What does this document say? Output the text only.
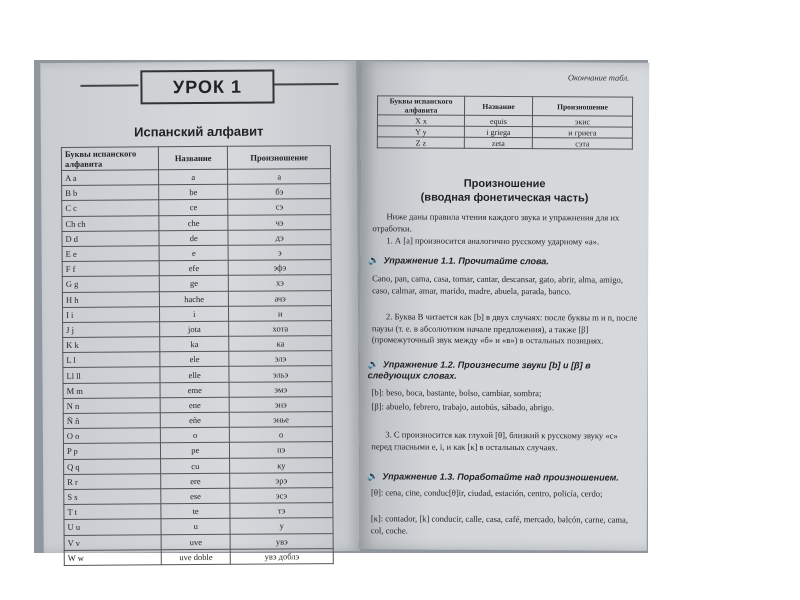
УРОК 1
Испанский алфавит
Буквы испанского алфавита	Название	Произношение
A a	a	а
B b	be	бэ
C c	ce	сэ
Ch ch	che	чэ
D d	de	дэ
E e	e	э
F f	efe	эфэ
G g	ge	хэ
H h	hache	ачэ
I i	i	и
J j	jota	хота
K k	ka	ка
L l	ele	элэ
Ll ll	elle	эльэ
M m	eme	эмэ
N n	ene	энэ
Ñ ñ	eñe	энье
O o	o	о
P p	pe	пэ
Q q	cu	ку
R r	ere	эрэ
S s	ese	эсэ
T t	te	тэ
U u	u	у
V v	uve	увэ
W w	uve doble	увэ доблэ
Окончание табл.
Буквы испанского алфавита	Название	Произношение
X x	equis	экис
Y y	i griega	и гриега
Z z	zeta	сэта
Произношение
(вводная фонетическая часть)
Ниже даны правила чтения каждого звука и упражнения для их отработки.
1. А [а] произносится аналогично русскому ударному «а».
🔊 Упражнение 1.1. Прочитайте слова.
Cano, pan, cama, casa, tomar, cantar, descansar, gato, abrir, alma, amigo, caso, calmar, amar, marido, madre, abuela, parada, banco.
2. Буква B читается как [b] в двух случаях: после буквы m и n, после паузы (т. е. в абсолютном начале предложения), а также [β] (промежуточный звук между «б» и «в») в остальных позициях.
🔊 Упражнение 1.2. Произнесите звуки [b] и [β] в следующих словах.
[b]: beso, boca, bastante, bolso, cambiar, sombra;
[β]: abuelo, febrero, trabajo, autobús, sábado, abrigo.
3. С произносится как глухой [θ], близкий к русскому звуку «с» перед гласными e, i, и как [к] в остальных случаях.
🔊 Упражнение 1.3. Поработайте над произношением.
[θ]: cena, cine, conduc[θ]ir, ciudad, estación, centro, policía, cerdo;
[к]: contador, [k] conducir, calle, casa, café, mercado, balcón, carne, cama, col, coche.
